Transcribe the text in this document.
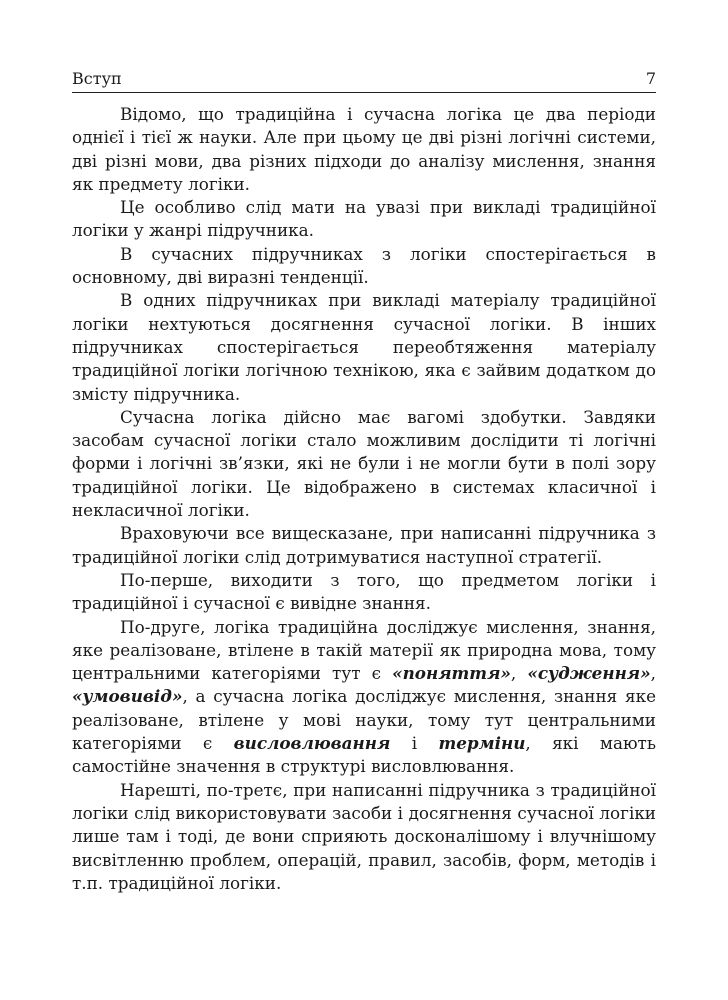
Вступ	7

Відомо, що традиційна і сучасна логіка це два періоди однієї і тієї ж науки. Але при цьому це дві різні логічні системи, дві різні мови, два різних підходи до аналізу мислення, знання як предмету логіки.

Це особливо слід мати на увазі при викладі традиційної логіки у жанрі підручника.

В сучасних підручниках з логіки спостерігається в основному, дві виразні тенденції.

В одних підручниках при викладі матеріалу традиційної логіки нехтуються досягнення сучасної логіки. В інших підручниках спостерігається переобтяження матеріалу традиційної логіки логічною технікою, яка є зайвим додатком до змісту підручника.

Сучасна логіка дійсно має вагомі здобутки. Завдяки засобам сучасної логіки стало можливим дослідити ті логічні форми і логічні зв’язки, які не були і не могли бути в полі зору традиційної логіки. Це відображено в системах класичної і некласичної логіки.

Враховуючи все вищесказане, при написанні підручника з традиційної логіки слід дотримуватися наступної стратегії.

По-перше, виходити з того, що предметом логіки і традиційної і сучасної є вивідне знання.

По-друге, логіка традиційна досліджує мислення, знання, яке реалізоване, втілене в такій матерії як природна мова, тому центральними категоріями тут є «поняття», «судження», «умовивід», а сучасна логіка досліджує мислення, знання яке реалізоване, втілене у мові науки, тому тут центральними категоріями є висловлювання і терміни, які мають самостійне значення в структурі висловлювання.

Нарешті, по-третє, при написанні підручника з традиційної логіки слід використовувати засоби і досягнення сучасної логіки лише там і тоді, де вони сприяють досконалішому і влучнішому висвітленню проблем, операцій, правил, засобів, форм, методів і т.п. традиційної логіки.
